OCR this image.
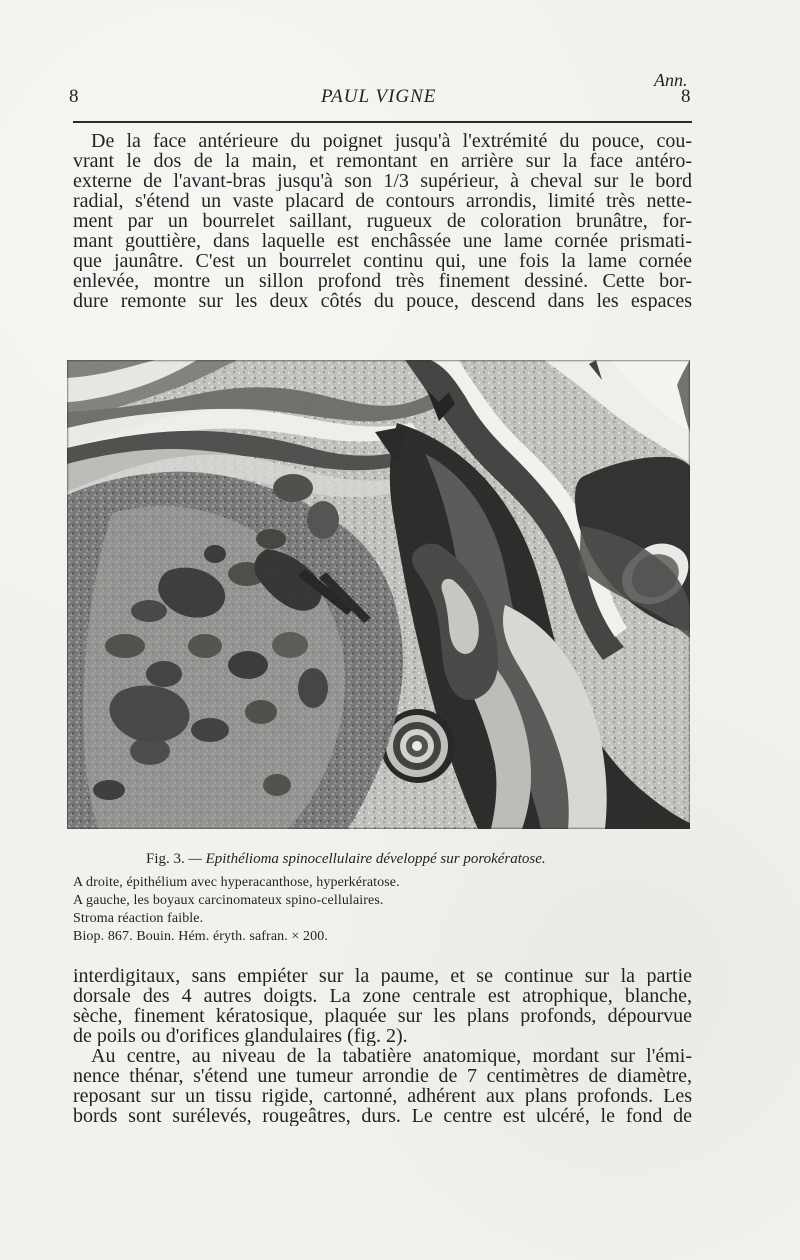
8	PAUL VIGNE

Ann.

8

De la face antérieure du poignet jusqu'à l'extrémité du pouce, cou-
vrant le dos de la main, et remontant en arrière sur la face antéro-
externe de l'avant-bras jusqu'à son 1/3 supérieur, à cheval sur le bord
radial, s'étend un vaste placard de contours arrondis, limité très nette-
ment par un bourrelet saillant, rugueux de coloration brunâtre, for-
mant gouttière, dans laquelle est enchâssée une lame cornée prismati-
que jaunâtre. C'est un bourrelet continu qui, une fois la lame cornée
enlevée, montre un sillon profond très finement dessiné. Cette bor-
dure remonte sur les deux côtés du pouce, descend dans les espaces

Fig. 3. — Epithélioma spinocellulaire développé sur porokératose.

A droite, épithélium avec hyperacanthose, hyperkératose.

A gauche, les boyaux carcinomateux spino-cellulaires.

Stroma réaction faible.

Biop. 867. Bouin. Hém. éryth. safran. × 200.

interdigitaux, sans empiéter sur la paume, et se continue sur la partie
dorsale des 4 autres doigts. La zone centrale est atrophique, blanche,
sèche, finement kératosique, plaquée sur les plans profonds, dépourvue
de poils ou d'orifices glandulaires (fig. 2).
Au centre, au niveau de la tabatière anatomique, mordant sur l'émi-
nence thénar, s'étend une tumeur arrondie de 7 centimètres de diamètre,
reposant sur un tissu rigide, cartonné, adhérent aux plans profonds. Les
bords sont surélevés, rougeâtres, durs. Le centre est ulcéré, le fond de
